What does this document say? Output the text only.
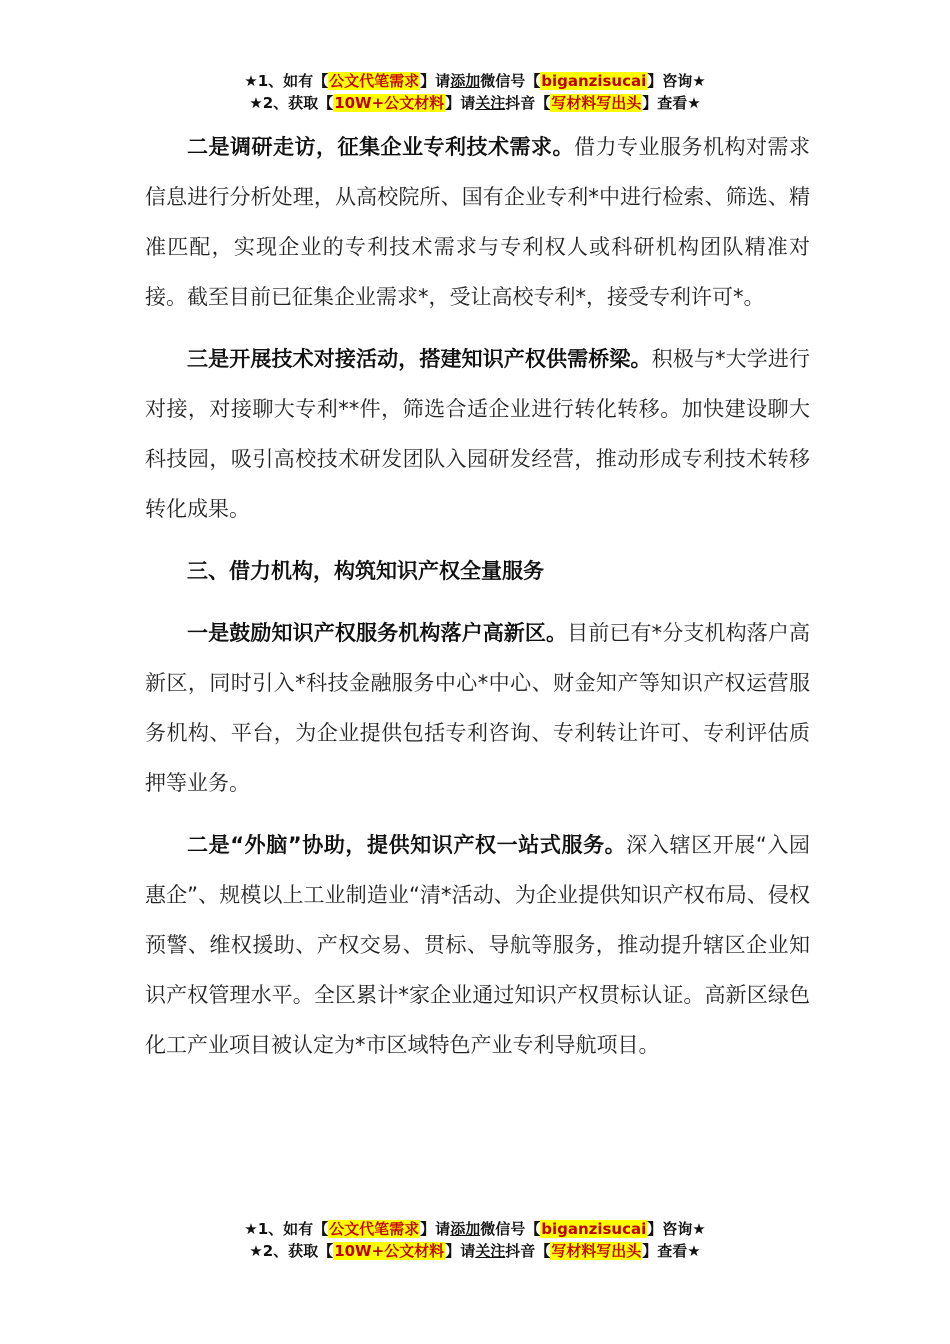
★1、如有【公文代笔需求】请添加微信号【biganzisucai】咨询★
★2、获取【10W+公文材料】请关注抖音【写材料写出头】查看★

二是调研走访，征集企业专利技术需求。借力专业服务机构对需求信息进行分析处理，从高校院所、国有企业专利*中进行检索、筛选、精准匹配，实现企业的专利技术需求与专利权人或科研机构团队精准对接。截至目前已征集企业需求*，受让高校专利*，接受专利许可*。

三是开展技术对接活动，搭建知识产权供需桥梁。积极与*大学进行对接，对接聊大专利**件，筛选合适企业进行转化转移。加快建设聊大科技园，吸引高校技术研发团队入园研发经营，推动形成专利技术转移转化成果。

三、借力机构，构筑知识产权全量服务

一是鼓励知识产权服务机构落户高新区。目前已有*分支机构落户高新区，同时引入*科技金融服务中心*中心、财金知产等知识产权运营服务机构、平台，为企业提供包括专利咨询、专利转让许可、专利评估质押等业务。

二是“外脑”协助，提供知识产权一站式服务。深入辖区开展“入园惠企”、规模以上工业制造业“清*活动、为企业提供知识产权布局、侵权预警、维权援助、产权交易、贯标、导航等服务，推动提升辖区企业知识产权管理水平。全区累计*家企业通过知识产权贯标认证。高新区绿色化工产业项目被认定为*市区域特色产业专利导航项目。

★1、如有【公文代笔需求】请添加微信号【biganzisucai】咨询★
★2、获取【10W+公文材料】请关注抖音【写材料写出头】查看★
